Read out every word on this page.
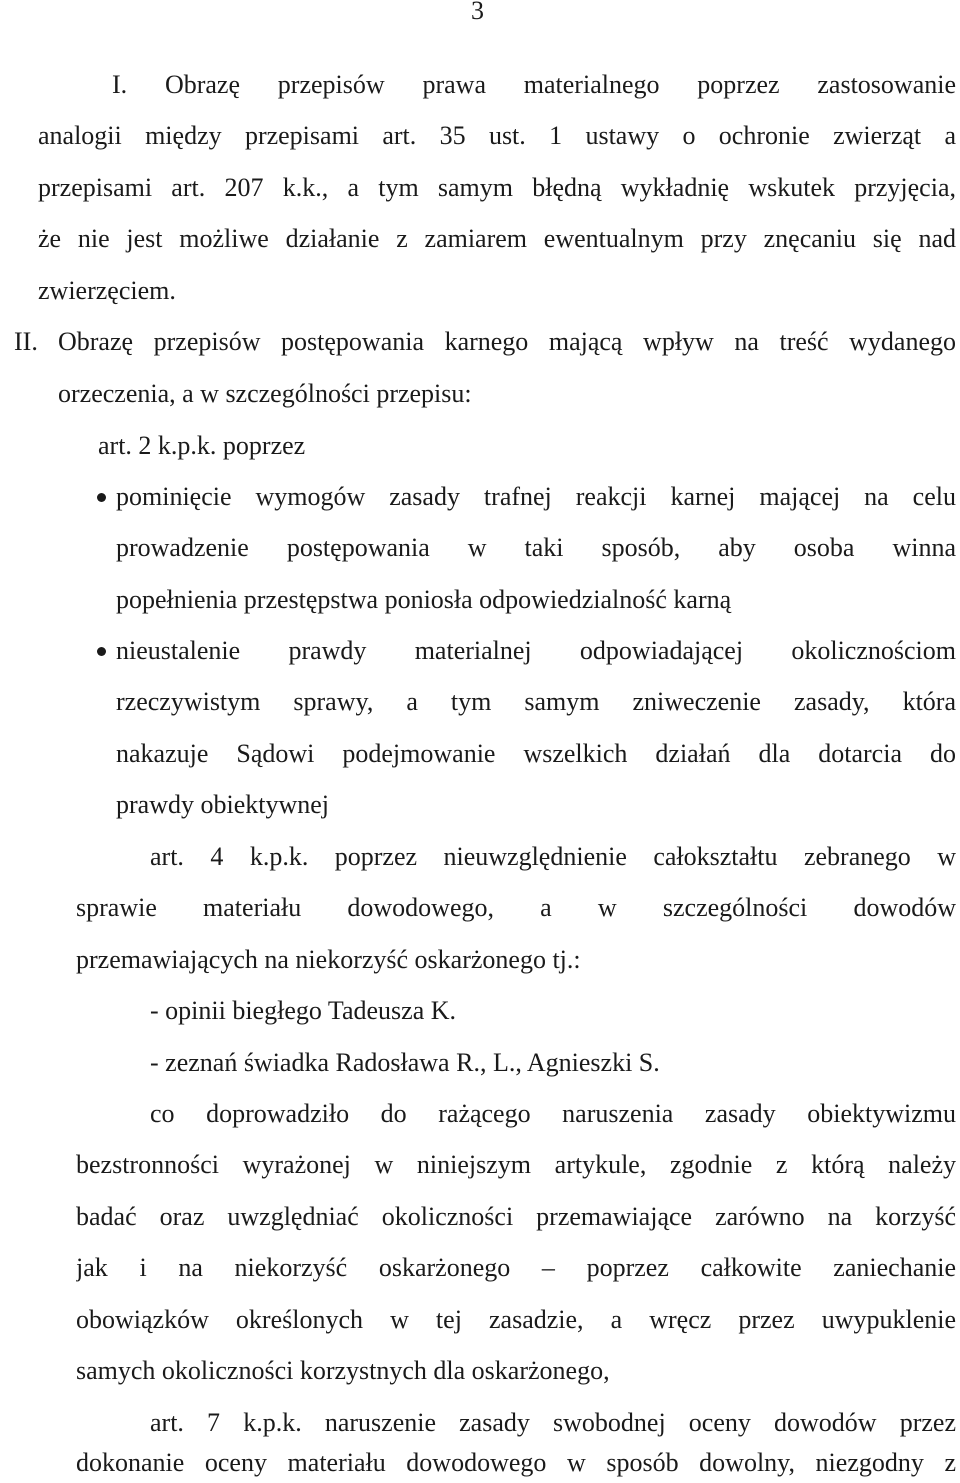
3
I. Obrazę przepisów prawa materialnego poprzez zastosowanie
analogii między przepisami art. 35 ust. 1 ustawy o ochronie zwierząt a
przepisami art. 207 k.k., a tym samym błędną wykładnię wskutek przyjęcia,
że nie jest możliwe działanie z zamiarem ewentualnym przy znęcaniu się nad
zwierzęciem.
II. Obrazę przepisów postępowania karnego mającą wpływ na treść wydanego
orzeczenia, a w szczególności przepisu:
art. 2 k.p.k. poprzez
pominięcie wymogów zasady trafnej reakcji karnej mającej na celu
prowadzenie postępowania w taki sposób, aby osoba winna
popełnienia przestępstwa poniosła odpowiedzialność karną
nieustalenie prawdy materialnej odpowiadającej okolicznościom
rzeczywistym sprawy, a tym samym zniweczenie zasady, która
nakazuje Sądowi podejmowanie wszelkich działań dla dotarcia do
prawdy obiektywnej
art. 4 k.p.k. poprzez nieuwzględnienie całokształtu zebranego w
sprawie materiału dowodowego, a w szczególności dowodów
przemawiających na niekorzyść oskarżonego tj.:
- opinii biegłego Tadeusza K.
- zeznań świadka Radosława R., L., Agnieszki S.
co doprowadziło do rażącego naruszenia zasady obiektywizmu
bezstronności wyrażonej w niniejszym artykule, zgodnie z którą należy
badać oraz uwzględniać okoliczności przemawiające zarówno na korzyść
jak i na niekorzyść oskarżonego – poprzez całkowite zaniechanie
obowiązków określonych w tej zasadzie, a wręcz przez uwypuklenie
samych okoliczności korzystnych dla oskarżonego,
art. 7 k.p.k. naruszenie zasady swobodnej oceny dowodów przez
dokonanie oceny materiału dowodowego w sposób dowolny, niezgodny z
